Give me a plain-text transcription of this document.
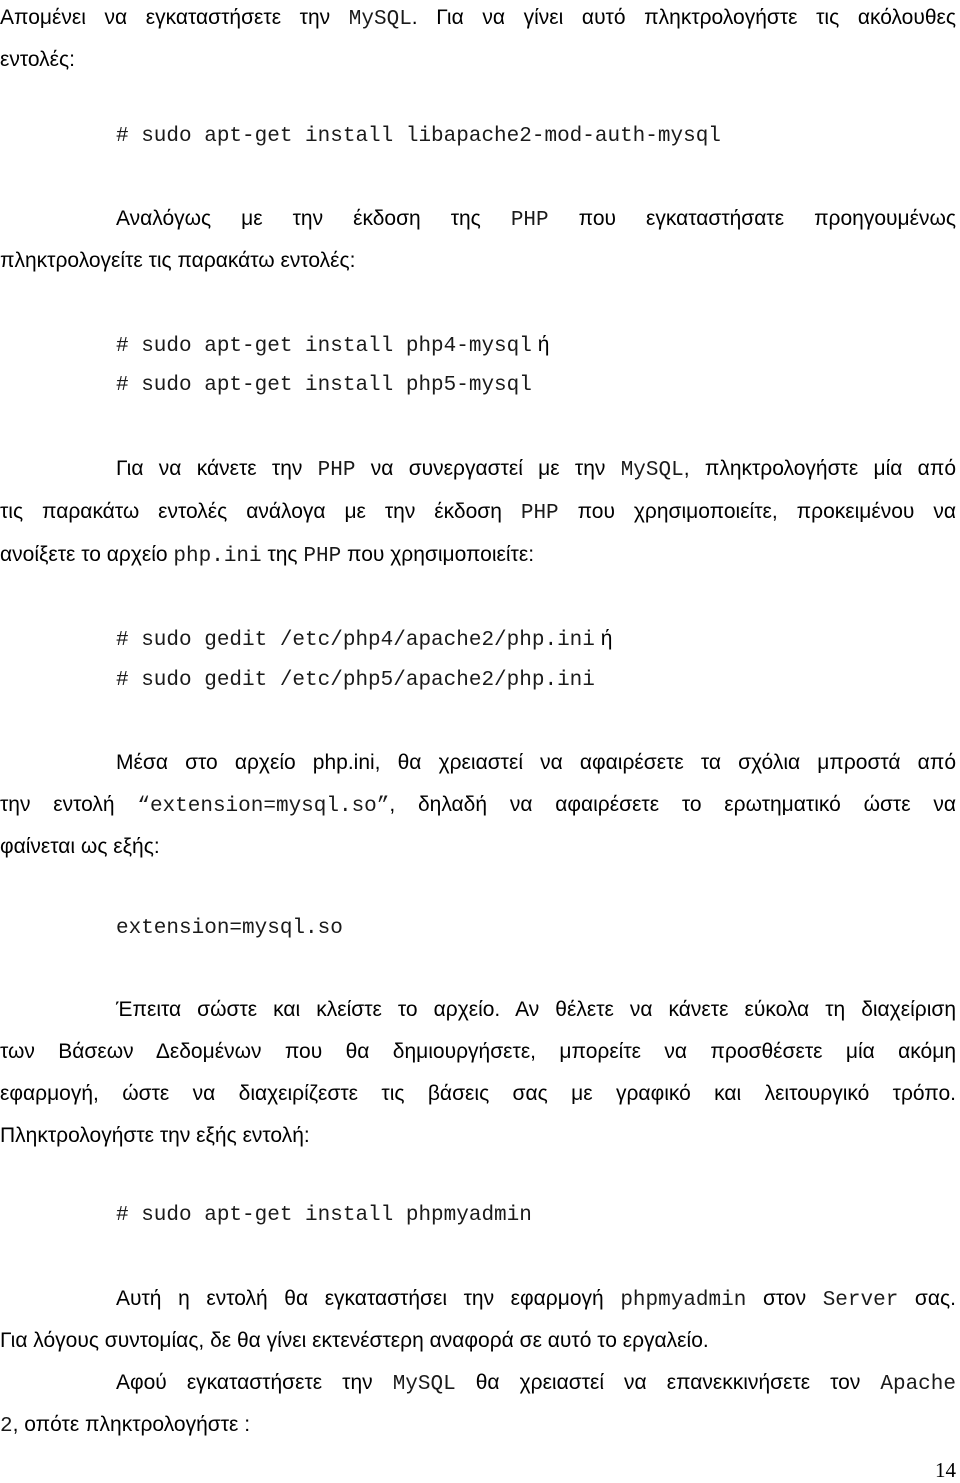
Απομένει να εγκαταστήσετε την MySQL. Για να γίνει αυτό πληκτρολογήστε τις ακόλουθες
εντολές:
# sudo apt-get install libapache2-mod-auth-mysql
Αναλόγως με την έκδοση της PHP που εγκαταστήσατε προηγουμένως
πληκτρολογείτε τις παρακάτω εντολές:
# sudo apt-get install php4-mysql ή
# sudo apt-get install php5-mysql
Για να κάνετε την PHP να συνεργαστεί με την MySQL, πληκτρολογήστε μία από
τις παρακάτω εντολές ανάλογα με την έκδοση PHP που χρησιμοποιείτε, προκειμένου να
ανοίξετε το αρχείο php.ini της PHP που χρησιμοποιείτε:
# sudo gedit /etc/php4/apache2/php.ini ή
# sudo gedit /etc/php5/apache2/php.ini
Μέσα στο αρχείο php.ini, θα χρειαστεί να αφαιρέσετε τα σχόλια μπροστά από
την εντολή “extension=mysql.so”, δηλαδή να αφαιρέσετε το ερωτηματικό ώστε να
φαίνεται ως εξής:
extension=mysql.so
Έπειτα σώστε και κλείστε το αρχείο. Αν θέλετε να κάνετε εύκολα τη διαχείριση
των Βάσεων Δεδομένων που θα δημιουργήσετε, μπορείτε να προσθέσετε μία ακόμη
εφαρμογή, ώστε να διαχειρίζεστε τις βάσεις σας με γραφικό και λειτουργικό τρόπο.
Πληκτρολογήστε την εξής εντολή:
# sudo apt-get install phpmyadmin
Αυτή η εντολή θα εγκαταστήσει την εφαρμογή phpmyadmin στον Server σας.
Για λόγους συντομίας, δε θα γίνει εκτενέστερη αναφορά σε αυτό το εργαλείο.
Αφού εγκαταστήσετε την MySQL θα χρειαστεί να επανεκκινήσετε τον Apache
2, οπότε πληκτρολογήστε :
14
